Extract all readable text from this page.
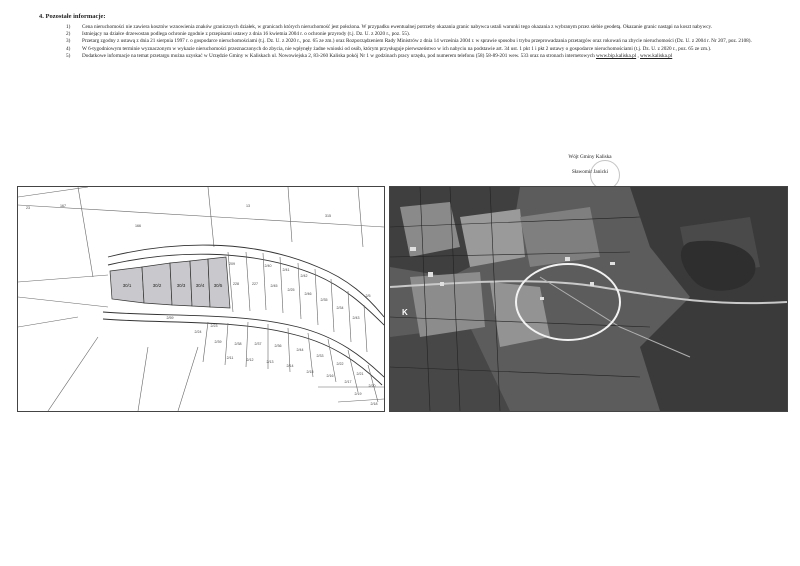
4. Pozostałe informacje:
1) Cena nieruchomości nie zawiera kosztów wznowienia znaków granicznych działek, w granicach których nieruchomość jest położona. W przypadku ewentualnej potrzeby okazania granic nabywca ustali warunki tego okazania z wybranym przez siebie geodetą. Okazanie granic nastąpi na koszt nabywcy.
2) Istniejący na działce drzewostan podlega ochronie zgodnie z przepisami ustawy z dnia 16 kwietnia 2004 r. o ochronie przyrody (t.j. Dz. U. z 2020 r., poz. 55).
3) Przetarg zgodny z ustawą z dnia 21 sierpnia 1997 r. o gospodarce nieruchomościami (t.j. Dz. U. z 2020 r., poz. 65 ze zm.) oraz Rozporządzeniem Rady Ministrów z dnia 14 września 2004 r. w sprawie sposobu i trybu przeprowadzania przetargów oraz rokowań na zbycie nieruchomości (Dz. U. z 2004 r. Nr 207, poz. 2108).
4) W 6-tygodniowym terminie wyznaczonym w wykazie nieruchomości przeznaczonych do zbycia, nie wpłynęły żadne wnioski od osób, którym przysługuje pierwszeństwo w ich nabyciu na podstawie art. 34 ust. 1 pkt 1 i pkt 2 ustawy o gospodarce nieruchomościami (t.j. Dz. U. z 2020 r., poz. 65 ze zm.).
5) Dodatkowe informacje na temat przetargu można uzyskać w Urzędzie Gminy w Kaliskach ul. Nowowiejska 2, 83-260 Kaliska pokój Nr 1 w godzinach pracy urzędu, pod numerem telefonu (58) 58-89-201 wew. 533 oraz na stronach internetowych www.bip.kaliska.pl , www.kaliska.pl
Wójt Gminy Kaliska
Sławomir Janicki
30/1	30/2	30/3 30/4 30/5
167
23
166
13
315
228	227	2/45
2/25
2/46
2/35
2/34
2/43
2/40
2/41
2/42
2/39	2/38	2/37	2/36
2/44
2/33
2/22
2/21
2/20
2/19
2/18
2/17
2/16
2/15
2/14
2/13
2/12
2/11
2/23
2/24
2/59
209
2/5
K
